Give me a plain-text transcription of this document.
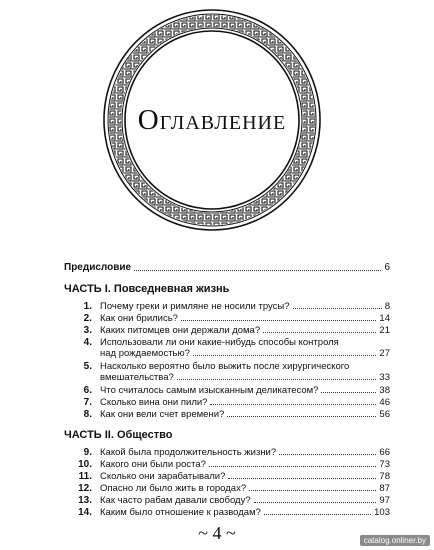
Оглавление
Предисловие	6
ЧАСТЬ I. Повседневная жизнь
1. Почему греки и римляне не носили трусы?	8
2. Как они брились?	14
3. Каких питомцев они держали дома?	21
4. Использовали ли они какие-нибудь способы контроля
над рождаемостью?	27
5. Насколько вероятно было выжить после хирургического
вмешательства?	33
6. Что считалось самым изысканным деликатесом?	38
7. Сколько вина они пили?	46
8. Как они вели счет времени?	56
ЧАСТЬ II. Общество
9. Какой была продолжительность жизни?	66
10. Какого они были роста?	73
11. Сколько они зарабатывали?	78
12. Опасно ли было жить в городах?	87
13. Как часто рабам давали свободу?	97
14. Каким было отношение к разводам?	103
~ 4 ~	catalog.onliner.by
